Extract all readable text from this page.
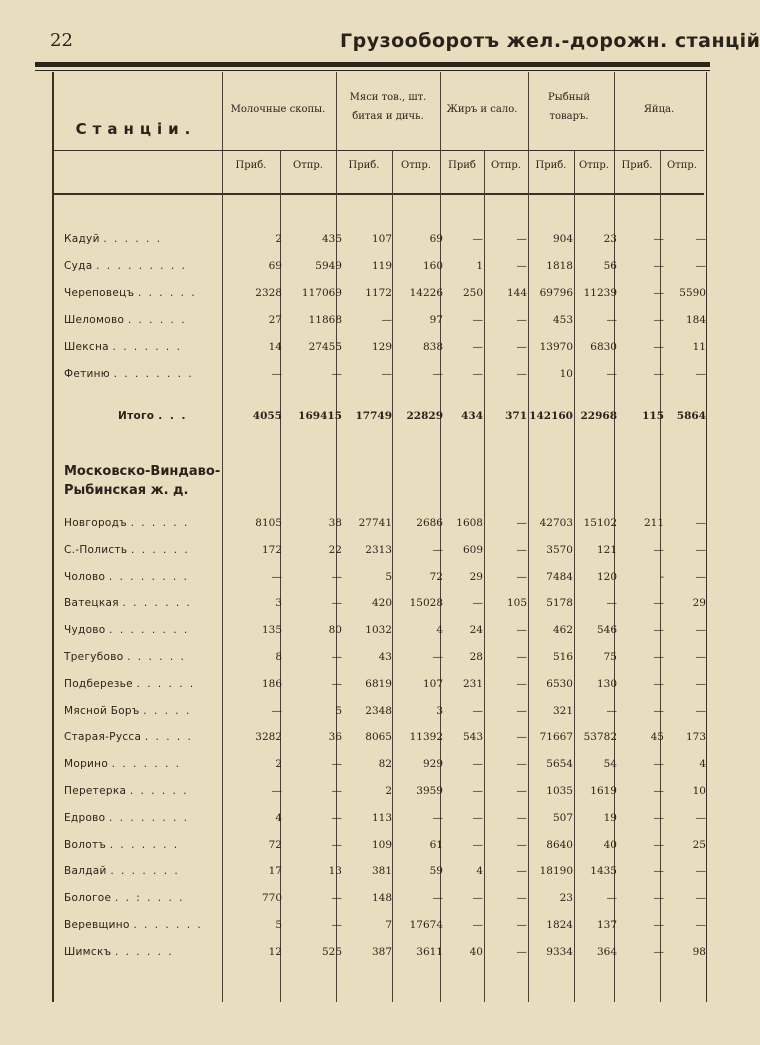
22	Грузооборотъ жел.-дорожн. станцій
Станціи.
Молочные скопы.
Мяси тов., шт. битая и дичь.
Жиръ и сало.
Рыбный товаръ.
Яйца.
Приб.	Отпр.	Приб.	Отпр.	Приб	Отпр.	Приб.	Отпр.	Приб.	Отпр.
Кадуй . . . . . .	2	435	107	69	—	— 904	23	—	—
Суда . . . . . . . . .	69	5949	119	160	1	— 1818	56	—	—
Череповецъ . . . . . .	2328 117069 1172 14226 250 144 69796 11239	— 5590
Шеломово . . . . . .	27	11868	—	97	—	— 453	—	— 184
Шексна . . . . . . .	14	27455	129	838	—	— 13970 6830	—	11
Фетиню . . . . . . . .	—	—	—	—	—	—	10	—	—	—
Итого . . .	4055 169415 17749 22829 434 371 142160 22968 115 5864
Московско-Виндаво-
Рыбинская ж. д.
Новгородъ . . . . . .	8105	38 27741 2686 1608	— 42703 15102	211	—
С.-Полисть . . . . . .	172	22 2313	— 609	— 3570 121	—	—
Чолово . . . . . . . .	—	—	5	72	29	— 7484 120	-	—
Ватецкая . . . . . . .	3	—	420 15028	— 105 5178	—	—	29
Чудово . . . . . . . .	135	80 1032	4	24	— 462 546	—	—
Трегубово . . . . . .	8	—	43	—	28	— 516	75	—	—
Подберезье . . . . . .	186	— 6819	107 231	— 6530 130	—	—
Мясной Боръ . . . . .	—	5 2348	3	—	— 321	—	—	—
Старая-Русса . . . . .	3282	36 8065 11392 543	— 71667 53782	45 173
Морино . . . . . . .	2	—	82	929	—	— 5654	54	—	4
Перетерка . . . . . .	—	—	2 3959	—	— 1035 1619	—	10
Едрово . . . . . . . .	4	—	113	—	—	— 507	19	—	—
Волотъ . . . . . . .	72	—	109	61	—	— 8640	40	—	25
Валдай . . . . . . .	17	13	381	59	4	— 18190 1435	—	—
Бологое . . : . . . .	770	—	148	—	—	—	23	—	—	—
Веревщино . . . . . . .	5	—	7 17674	—	— 1824 137	—	—
Шимскъ . . . . . .	12	525	387 3611	40	— 9334 364	—	98
